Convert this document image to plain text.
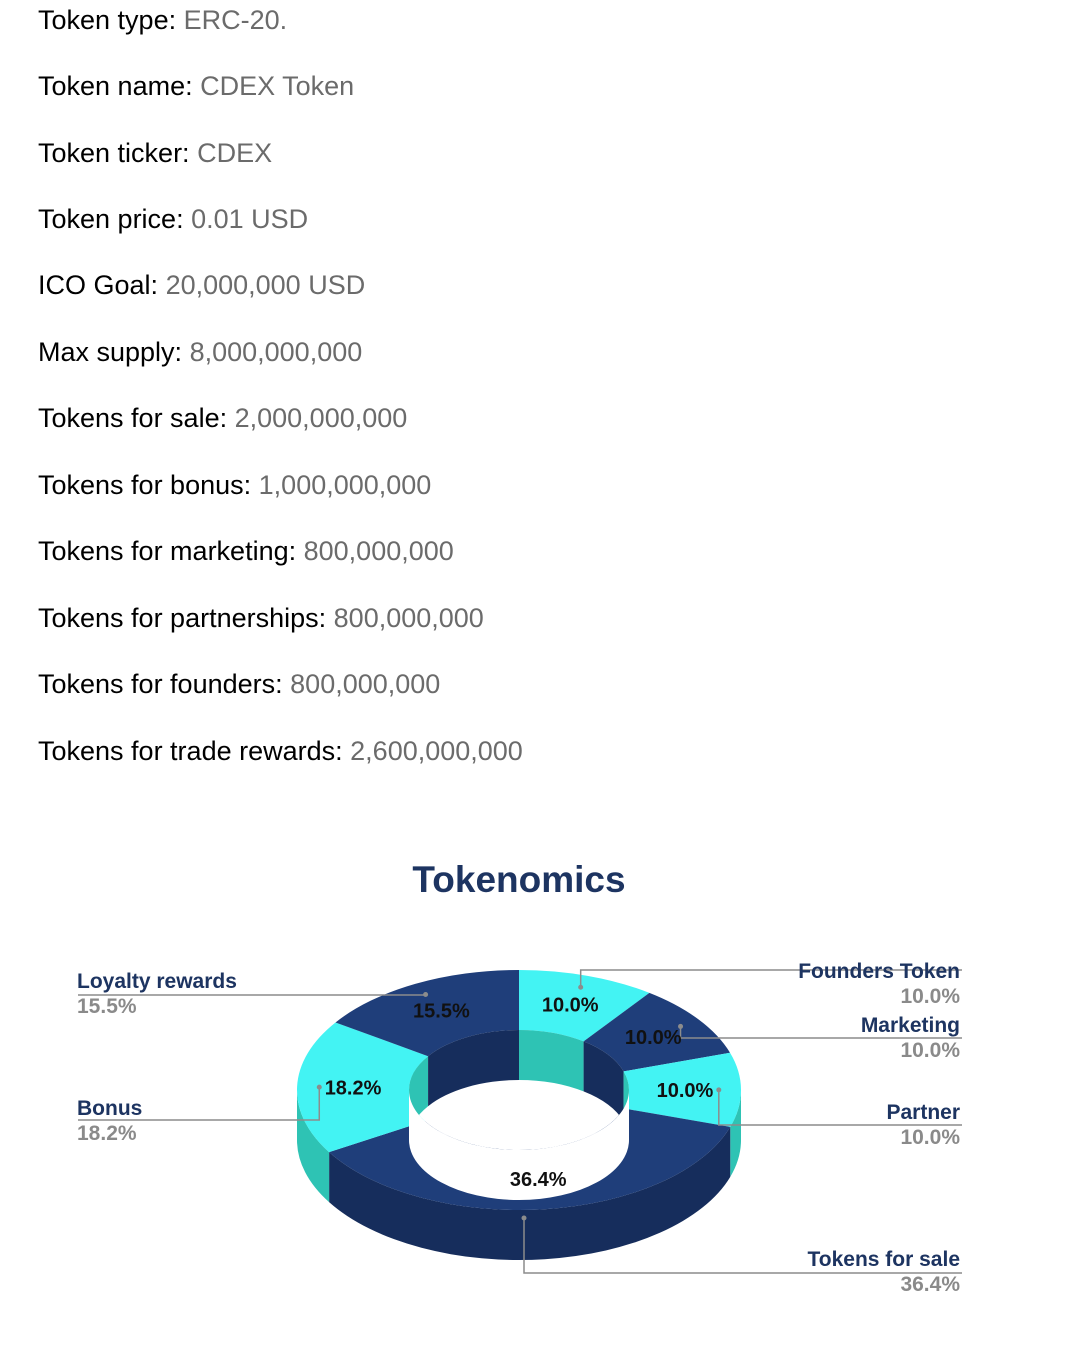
Token type: ERC-20.
Token name: CDEX Token
Token ticker: CDEX
Token price: 0.01 USD
ICO Goal: 20,000,000 USD
Max supply: 8,000,000,000
Tokens for sale: 2,000,000,000
Tokens for bonus: 1,000,000,000
Tokens for marketing: 800,000,000
Tokens for partnerships: 800,000,000
Tokens for founders: 800,000,000
Tokens for trade rewards: 2,600,000,000
Tokenomics
10.0%
10.0%
10.0%
36.4%
18.2%
15.5%
Founders Token
10.0%
Marketing
10.0%
Partner
10.0%
Tokens for sale
36.4%
Bonus
18.2%
Loyalty rewards
15.5%
